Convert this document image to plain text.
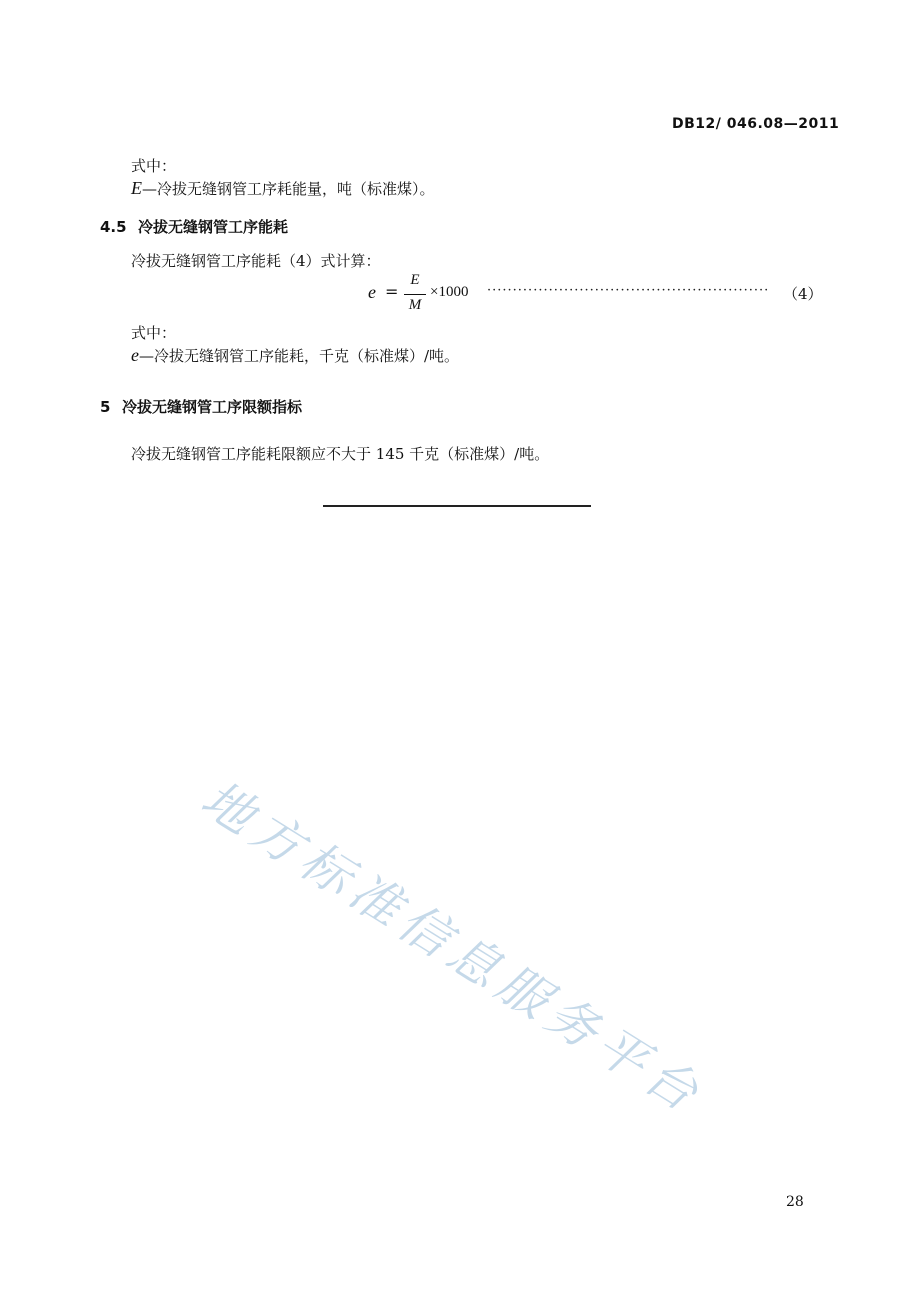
DB12/ 046.08—2011
式中：
E—冷拔无缝钢管工序耗能量，吨（标准煤）。
4.5 冷拔无缝钢管工序能耗
冷拔无缝钢管工序能耗（4）式计算：
e =
E
M
×1000 ······················································· （4）
式中：
e—冷拔无缝钢管工序能耗，千克（标准煤）/吨。
5 冷拔无缝钢管工序限额指标
冷拔无缝钢管工序能耗限额应不大于 145 千克（标准煤）/吨。
地方标准信息服务平台
28
